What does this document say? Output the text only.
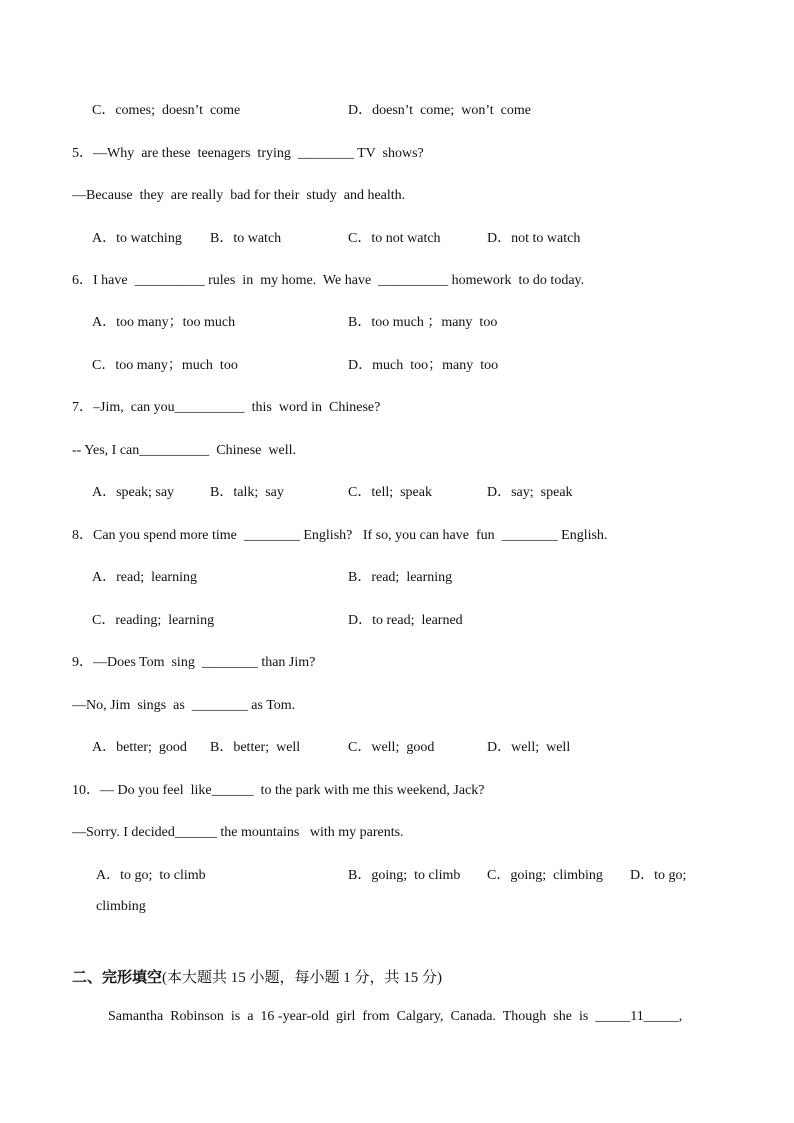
C．comes;  doesn’t  come	D．doesn’t  come;  won’t  come
5．—Why  are these  teenagers  trying  ________ TV  shows?
—Because  they  are really  bad for their  study  and health.
A．to watching B．to watch	C．to not watch	D．not to watch
6．I have  __________ rules  in  my home.  We have  __________ homework  to do today.
A．too many；too much	B．too much ；many  too
C．too many；much  too	D．much  too；many  too
7．–Jim,  can you__________  this  word in  Chinese?
-- Yes, I can__________  Chinese  well.
A．speak; say	B．talk;  say	C．tell;  speak	D．say;  speak
8．Can you spend more time  ________ English?   If so, you can have  fun  ________ English.
A．read;  learning	B．read;  learning
C．reading;  learning	D．to read;  learned
9．—Does Tom  sing  ________ than Jim?
—No, Jim  sings  as  ________ as Tom.
A．better;  good B．better;  well	C．well;  good	D．well;  well
10．— Do you feel  like______  to the park with me this weekend, Jack?
—Sorry. I decided______ the mountains   with my parents.
A．to go;  to climb	B．going;  to climb C．going;  climbing D．to go;
climbing
二、完形填空(本大题共 15 小题，每小题 1 分，共 15 分)
Samantha  Robinson  is  a  16 -year-old  girl  from  Calgary,  Canada.  Though  she  is  _____11_____,
